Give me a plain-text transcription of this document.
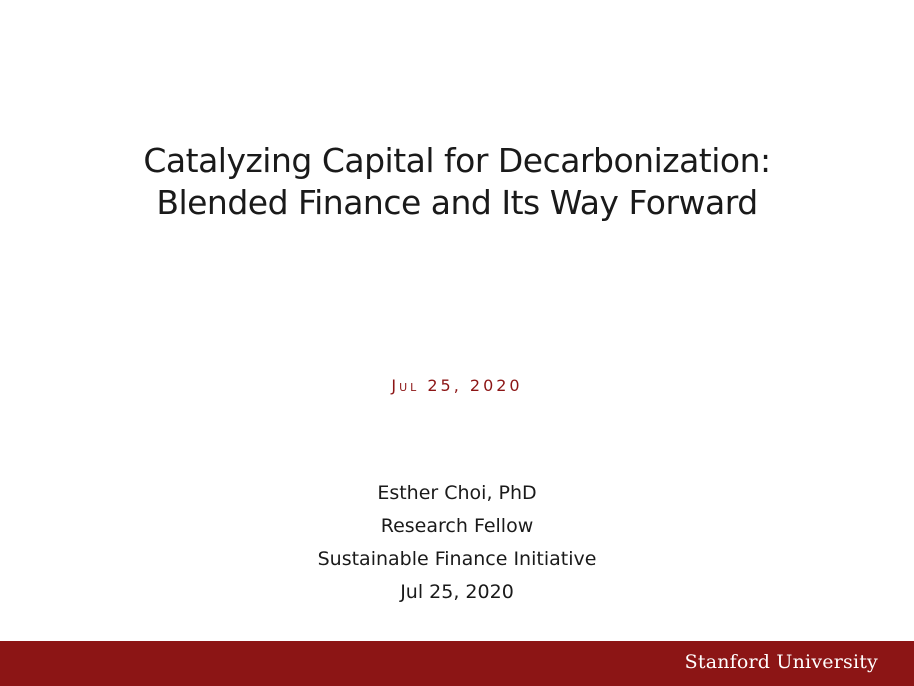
Catalyzing Capital for Decarbonization:
Blended Finance and Its Way Forward
Jul 25, 2020
Esther Choi, PhD
Research Fellow
Sustainable Finance Initiative
Jul 25, 2020
Stanford University
